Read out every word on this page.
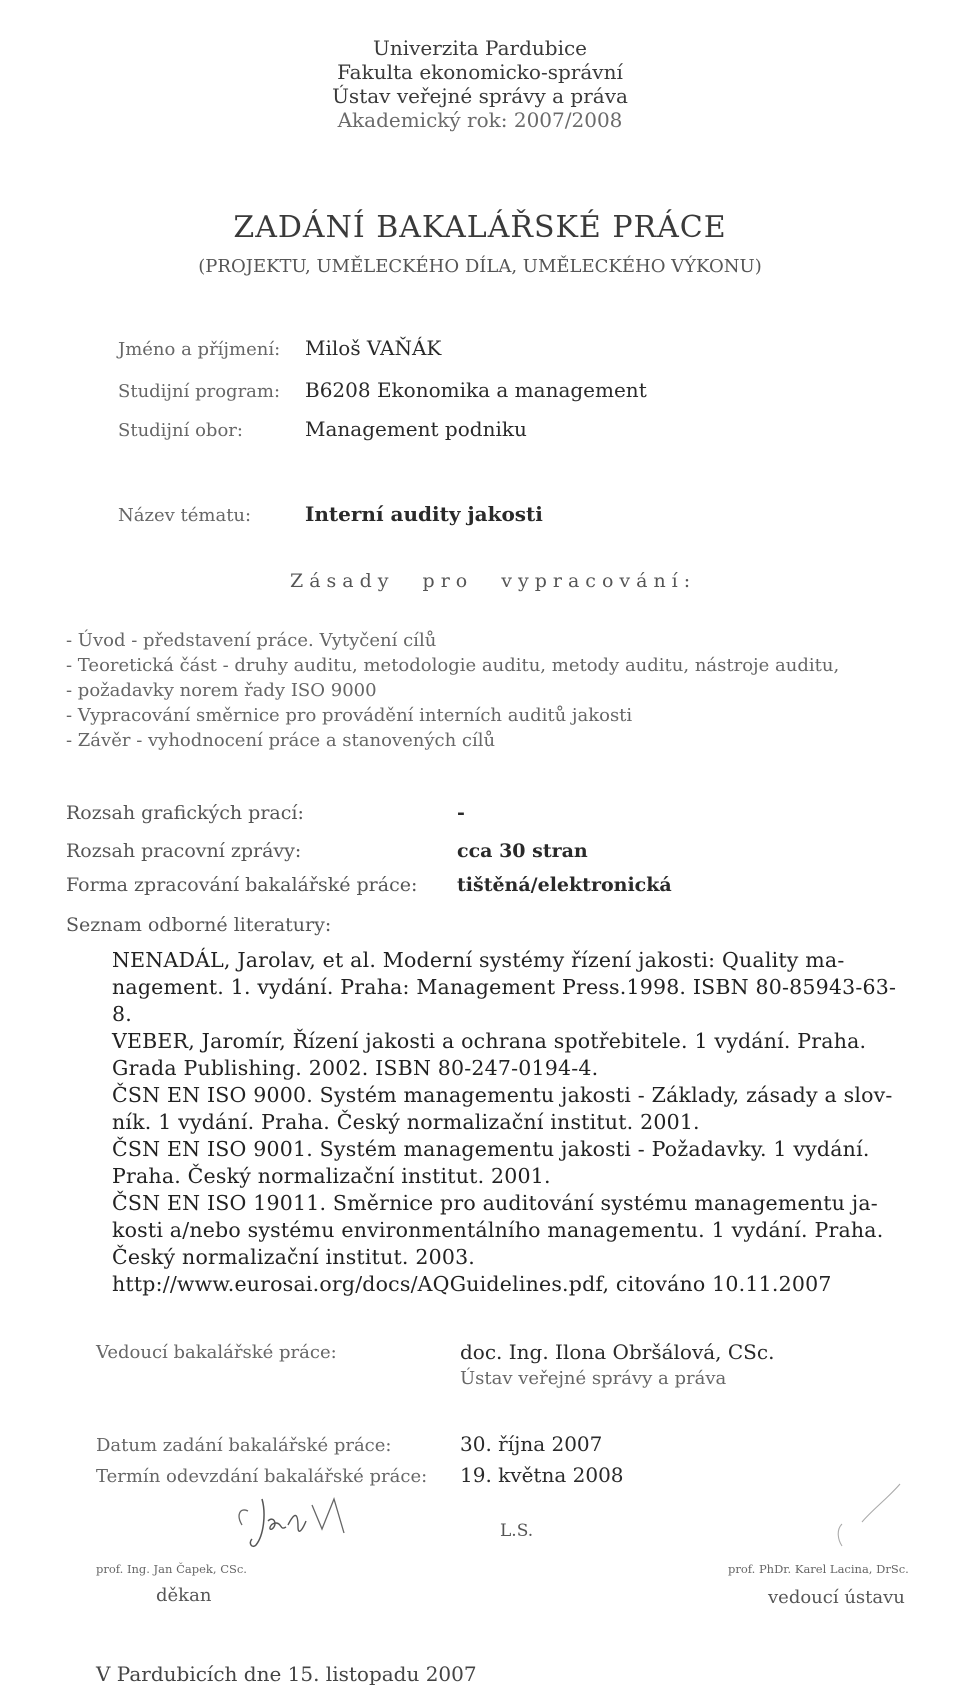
Univerzita Pardubice
Fakulta ekonomicko-správní
Ústav veřejné správy a práva
Akademický rok: 2007/2008
ZADÁNÍ BAKALÁŘSKÉ PRÁCE
(PROJEKTU, UMĚLECKÉHO DÍLA, UMĚLECKÉHO VÝKONU)
Jméno a příjmení: Miloš VAŇÁK
Studijní program: B6208 Ekonomika a management
Studijní obor:	Management podniku
Název tématu:	Interní audity jakosti
Zásady pro vypracování:
- Úvod - představení práce. Vytyčení cílů
- Teoretická část - druhy auditu, metodologie auditu, metody auditu, nástroje auditu,
- požadavky norem řady ISO 9000
- Vypracování směrnice pro provádění interních auditů jakosti
- Závěr - vyhodnocení práce a stanovených cílů
Rozsah grafických prací:	-
Rozsah pracovní zprávy:	cca 30 stran
Forma zpracování bakalářské práce: tištěná/elektronická
Seznam odborné literatury:
NENADÁL, Jarolav, et al. Moderní systémy řízení jakosti: Quality ma-
nagement. 1. vydání. Praha: Management Press.1998. ISBN 80-85943-63-
8.
VEBER, Jaromír, Řízení jakosti a ochrana spotřebitele. 1 vydání. Praha.
Grada Publishing. 2002. ISBN 80-247-0194-4.
ČSN EN ISO 9000. Systém managementu jakosti - Základy, zásady a slov-
ník. 1 vydání. Praha. Český normalizační institut. 2001.
ČSN EN ISO 9001. Systém managementu jakosti - Požadavky. 1 vydání.
Praha. Český normalizační institut. 2001.
ČSN EN ISO 19011. Směrnice pro auditování systému managementu ja-
kosti a/nebo systému environmentálního managementu. 1 vydání. Praha.
Český normalizační institut. 2003.
http://www.eurosai.org/docs/AQGuidelines.pdf, citováno 10.11.2007
Vedoucí bakalářské práce:	doc. Ing. Ilona Obršálová, CSc.
Ústav veřejné správy a práva
Datum zadání bakalářské práce:	30. října 2007
Termín odevzdání bakalářské práce: 19. května 2008
L.S.
prof. Ing. Jan Čapek, CSc.
děkan
prof. PhDr. Karel Lacina, DrSc.
vedoucí ústavu
V Pardubicích dne 15. listopadu 2007
